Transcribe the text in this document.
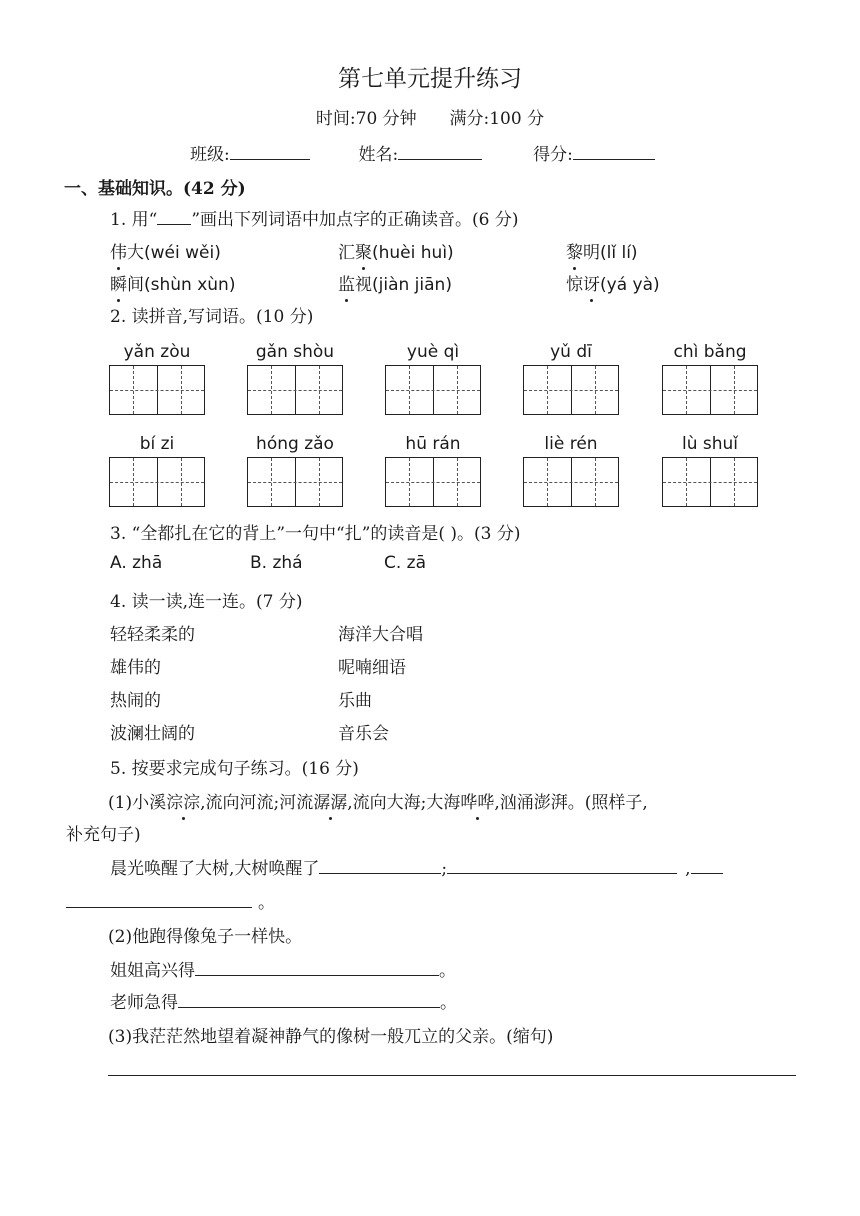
第七单元提升练习
时间:70 分钟 满分:100 分
班级:	姓名:	得分:
一、基础知识。(42 分)
1. 用“ ”画出下列词语中加点字的正确读音。(6 分)
伟大(wéi wěi)	汇聚(huèi huì)	黎明(lǐ lí)
瞬间(shùn xùn)	监视(jiàn jiān)	惊讶(yá yà)
2. 读拼音,写词语。(10 分)
yǎn zòu	gǎn shòu	yuè qì	yǔ dī	chì bǎng
bí zi	hóng zǎo	hū rán	liè rén	lù shuǐ
3. “全都扎在它的背上”一句中“扎”的读音是( )。(3 分)
A. zhā	B. zhá	C. zā
4. 读一读,连一连。(7 分)
轻轻柔柔的
雄伟的
热闹的
波澜壮阔的
海洋大合唱
呢喃细语
乐曲
音乐会
5. 按要求完成句子练习。(16 分)
(1)小溪淙淙,流向河流;河流潺潺,流向大海;大海哗哗,汹涌澎湃。(照样子,
补充句子)
晨光唤醒了大树,大树唤醒了	;	,
。
(2)他跑得像兔子一样快。
姐姐高兴得	。
老师急得	。
(3)我茫茫然地望着凝神静气的像树一般兀立的父亲。(缩句)
